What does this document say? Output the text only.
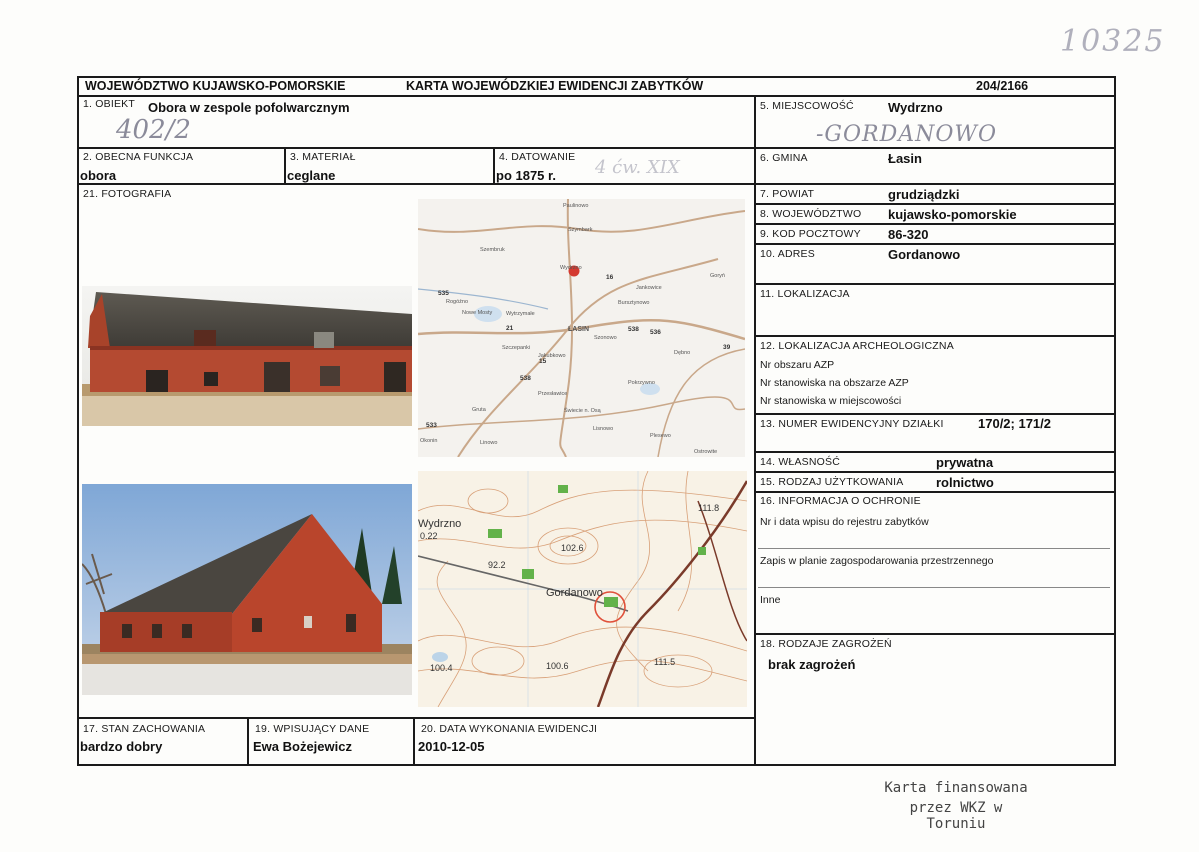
10325
WOJEWÓDZTWO KUJAWSKO-POMORSKIE	KARTA WOJEWÓDZKIEJ EWIDENCJI ZABYTKÓW	204/2166
1. OBIEKT Obora w zespole pofolwarcznym
402/2
5. MIEJSCOWOŚĆ	Wydrzno
-GORDANOWO
2. OBECNA FUNKCJA
obora
3. MATERIAŁ
ceglane
4. DATOWANIE
po 1875 r. 4 ćw. XIX	6. GMINA	Łasin
7. POWIAT	grudziądzki
8. WOJEWÓDZTWO kujawsko-pomorskie
9. KOD POCZTOWY 86-320
10. ADRES	Gordanowo
11. LOKALIZACJA
12. LOKALIZACJA ARCHEOLOGICZNA
Nr obszaru AZP
Nr stanowiska na obszarze AZP
Nr stanowiska w miejscowości
13. NUMER EWIDENCYJNY DZIAŁKI	170/2; 171/2
14. WŁASNOŚĆ	prywatna
15. RODZAJ UŻYTKOWANIA	rolnictwo
16. INFORMACJA O OCHRONIE
Nr i data wpisu do rejestru zabytków
Zapis w planie zagospodarowania przestrzennego
Inne
18. RODZAJE ZAGROŻEŃ
brak zagrożeń
21. FOTOGRAFIA
Paulinowo
Lisnowo
Wydrzno
Szembruk
ŁASIN
Szczepanki
Gruta	Świecie n. Osą
Plesewo
Goryń
Rogóźno
Okonin	Linowo
Ostrowite
Dębno
Szonowo
Jankowice
Nowe Mosty
Bursztynowo
Jakubkowo
Wytrzymałe
Przesławice
Pokrzywno
Szymbark
535
538
16
538 536
39
15
21
533
Wydrzno
Gordanowo
102.6
92.2
100.6	111.5
100.4
111.8
0.22
17. STAN ZACHOWANIA
bardzo dobry
19. WPISUJĄCY DANE
Ewa Bożejewicz
20. DATA WYKONANIA EWIDENCJI
2010-12-05
Karta finansowana
przez WKZ w Toruniu
